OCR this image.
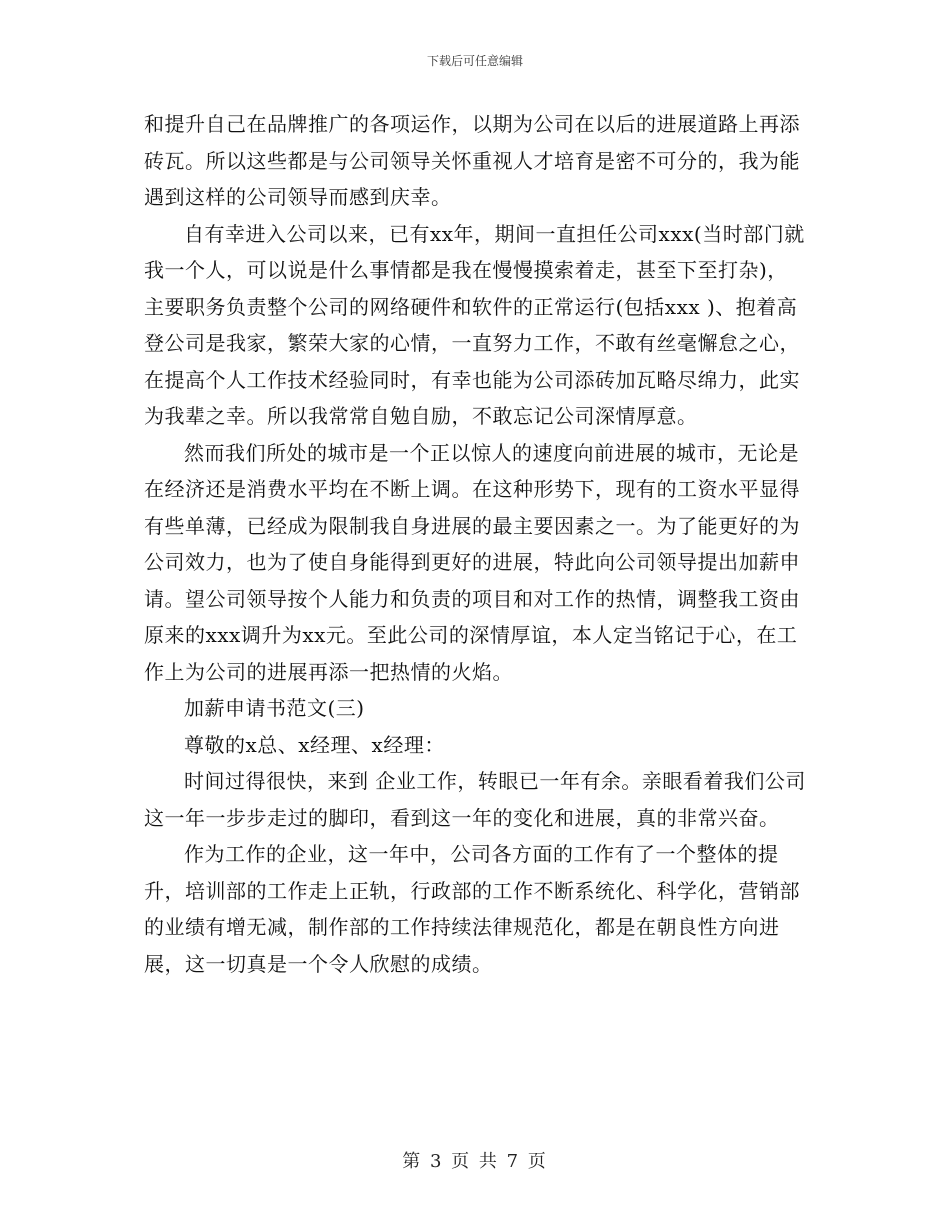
下载后可任意编辑

和提升自己在品牌推广的各项运作，以期为公司在以后的进展道路上再添砖瓦。所以这些都是与公司领导关怀重视人才培育是密不可分的，我为能遇到这样的公司领导而感到庆幸。

自有幸进入公司以来，已有xx年，期间一直担任公司xxx(当时部门就我一个人，可以说是什么事情都是我在慢慢摸索着走，甚至下至打杂)，主要职务负责整个公司的网络硬件和软件的正常运行(包括xxx )、抱着高登公司是我家，繁荣大家的心情，一直努力工作，不敢有丝毫懈怠之心，在提高个人工作技术经验同时，有幸也能为公司添砖加瓦略尽绵力，此实为我辈之幸。所以我常常自勉自励，不敢忘记公司深情厚意。

然而我们所处的城市是一个正以惊人的速度向前进展的城市，无论是在经济还是消费水平均在不断上调。在这种形势下，现有的工资水平显得有些单薄，已经成为限制我自身进展的最主要因素之一。为了能更好的为公司效力，也为了使自身能得到更好的进展，特此向公司领导提出加薪申请。望公司领导按个人能力和负责的项目和对工作的热情，调整我工资由原来的xxx调升为xx元。至此公司的深情厚谊，本人定当铭记于心，在工作上为公司的进展再添一把热情的火焰。

加薪申请书范文(三)

尊敬的x总、x经理、x经理：

时间过得很快，来到 企业工作，转眼已一年有余。亲眼看着我们公司这一年一步步走过的脚印，看到这一年的变化和进展，真的非常兴奋。

作为工作的企业，这一年中，公司各方面的工作有了一个整体的提升，培训部的工作走上正轨，行政部的工作不断系统化、科学化，营销部的业绩有增无减，制作部的工作持续法律规范化，都是在朝良性方向进展，这一切真是一个令人欣慰的成绩。

第 3 页 共 7 页
